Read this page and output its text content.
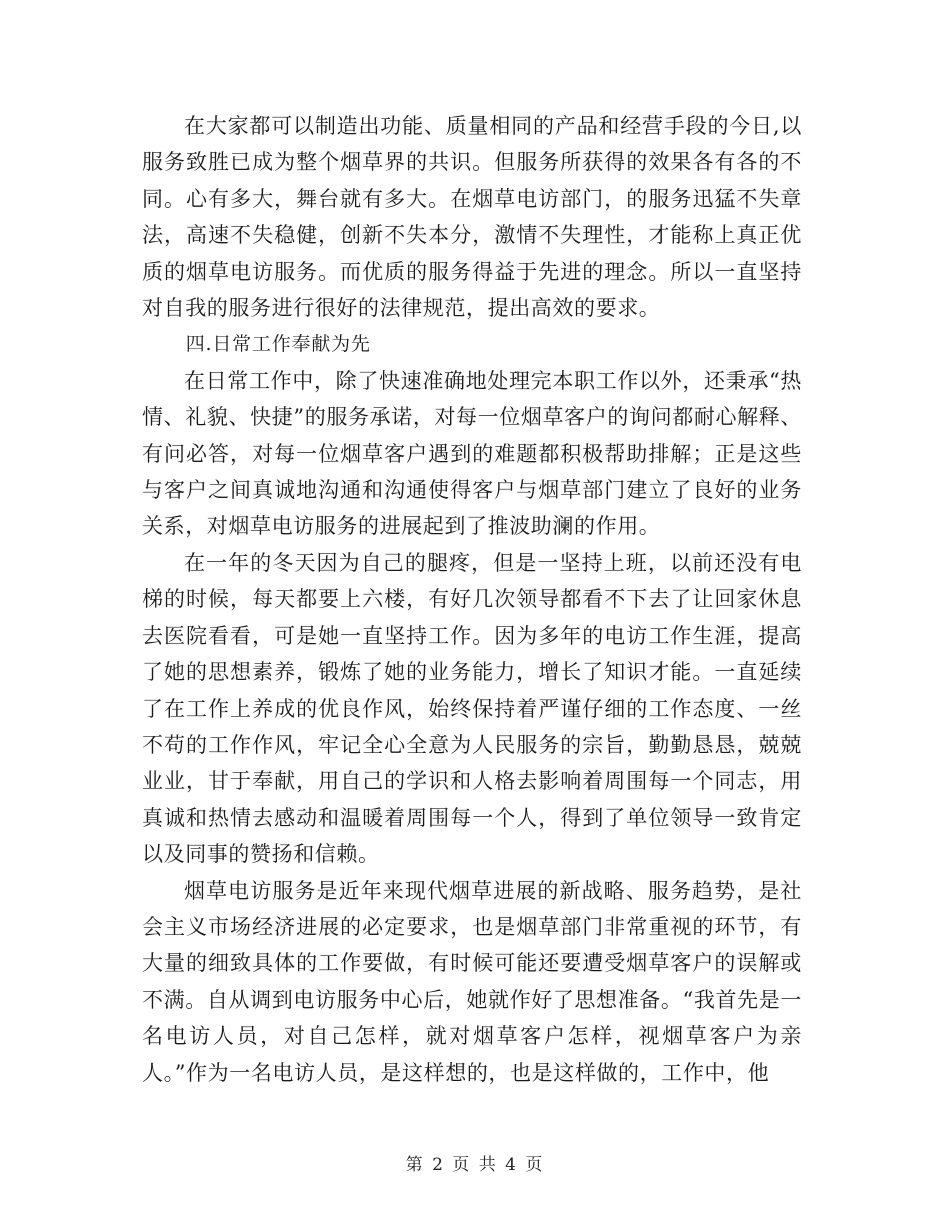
在大家都可以制造出功能、质量相同的产品和经营手段的今日,以服务致胜已成为整个烟草界的共识。但服务所获得的效果各有各的不同。心有多大，舞台就有多大。在烟草电访部门，的服务迅猛不失章法，高速不失稳健，创新不失本分，激情不失理性，才能称上真正优质的烟草电访服务。而优质的服务得益于先进的理念。所以一直坚持对自我的服务进行很好的法律规范，提出高效的要求。

四.日常工作奉献为先

在日常工作中，除了快速准确地处理完本职工作以外，还秉承“热情、礼貌、快捷”的服务承诺，对每一位烟草客户的询问都耐心解释、有问必答，对每一位烟草客户遇到的难题都积极帮助排解；正是这些与客户之间真诚地沟通和沟通使得客户与烟草部门建立了良好的业务关系，对烟草电访服务的进展起到了推波助澜的作用。

在一年的冬天因为自己的腿疼，但是一坚持上班，以前还没有电梯的时候，每天都要上六楼，有好几次领导都看不下去了让回家休息去医院看看，可是她一直坚持工作。因为多年的电访工作生涯，提高了她的思想素养，锻炼了她的业务能力，增长了知识才能。一直延续了在工作上养成的优良作风，始终保持着严谨仔细的工作态度、一丝不苟的工作作风，牢记全心全意为人民服务的宗旨，勤勤恳恳，兢兢业业，甘于奉献，用自己的学识和人格去影响着周围每一个同志，用真诚和热情去感动和温暖着周围每一个人，得到了单位领导一致肯定以及同事的赞扬和信赖。

烟草电访服务是近年来现代烟草进展的新战略、服务趋势，是社会主义市场经济进展的必定要求，也是烟草部门非常重视的环节，有大量的细致具体的工作要做，有时候可能还要遭受烟草客户的误解或不满。自从调到电访服务中心后，她就作好了思想准备。“我首先是一名电访人员，对自己怎样，就对烟草客户怎样，视烟草客户为亲人。”作为一名电访人员，是这样想的，也是这样做的，工作中，他

第 2 页 共 4 页
